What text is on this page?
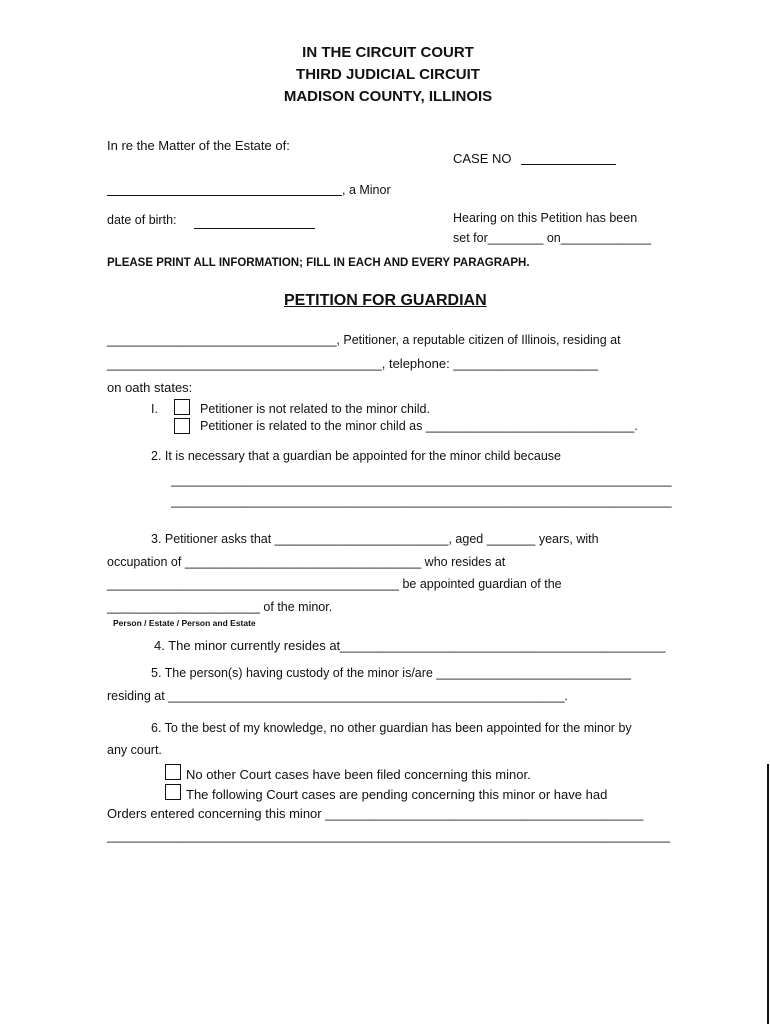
IN THE CIRCUIT COURT
THIRD JUDICIAL CIRCUIT
MADISON COUNTY, ILLINOIS
In re the Matter of the Estate of:
CASE NO
, a Minor
date of birth:	Hearing on this Petition has been
set for________ on_____________
PLEASE PRINT ALL INFORMATION; FILL IN EACH AND EVERY PARAGRAPH.
PETITION FOR GUARDIAN
_________________________________, Petitioner, a reputable citizen of Illinois, residing at
______________________________________, telephone: ____________________
on oath states:
I.	Petitioner is not related to the minor child.
Petitioner is related to the minor child as ______________________________.
2. It is necessary that a guardian be appointed for the minor child because
________________________________________________________________________
________________________________________________________________________
3. Petitioner asks that _________________________, aged _______ years, with
occupation of __________________________________ who resides at
__________________________________________ be appointed guardian of the
______________________ of the minor.
Person / Estate / Person and Estate
4. The minor currently resides at_____________________________________________
5. The person(s) having custody of the minor is/are ____________________________
residing at _________________________________________________________.
6. To the best of my knowledge, no other guardian has been appointed for the minor by
any court.
No other Court cases have been filed concerning this minor.
The following Court cases are pending concerning this minor or have had
Orders entered concerning this minor ____________________________________________
_________________________________________________________________________________
